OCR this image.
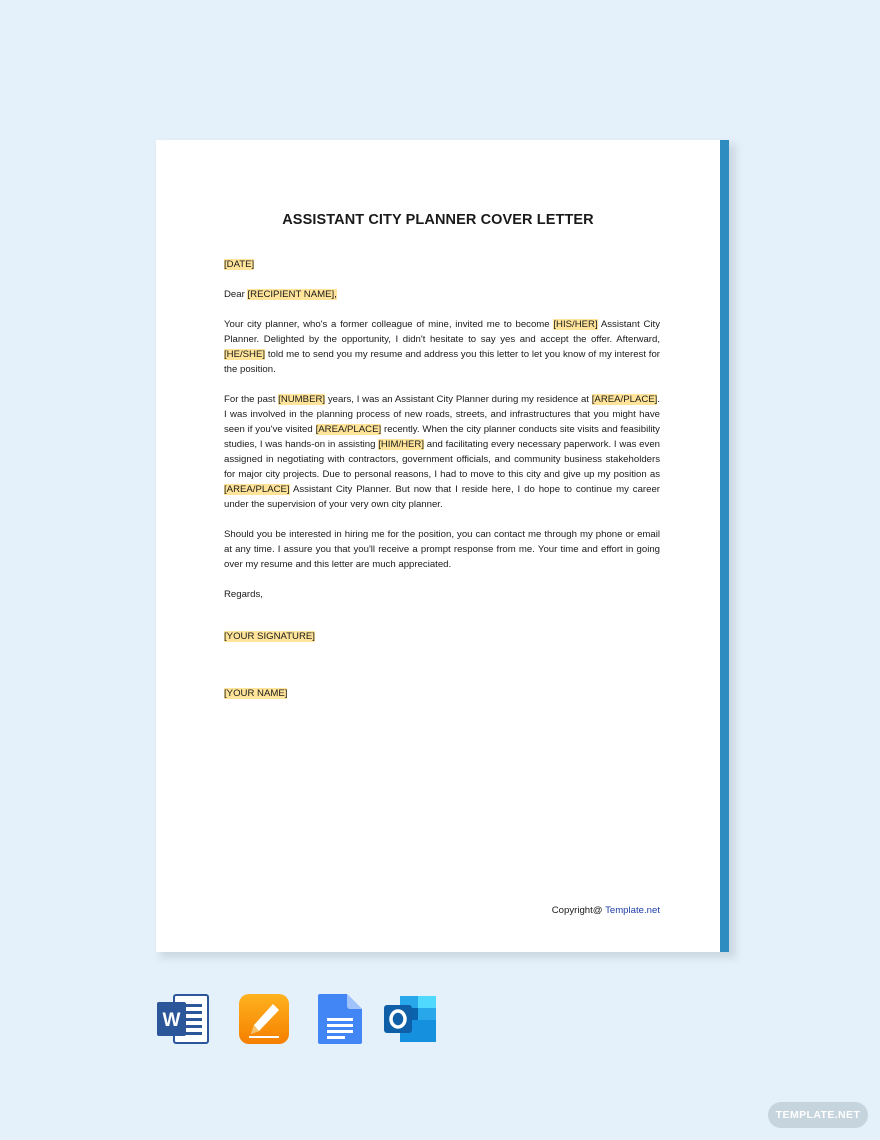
ASSISTANT CITY PLANNER COVER LETTER

[DATE]

Dear [RECIPIENT NAME],

Your city planner, who's a former colleague of mine, invited me to become [HIS/HER] Assistant City Planner. Delighted by the opportunity, I didn't hesitate to say yes and accept the offer. Afterward, [HE/SHE] told me to send you my resume and address you this letter to let you know of my interest for the position.

For the past [NUMBER] years, I was an Assistant City Planner during my residence at [AREA/PLACE]. I was involved in the planning process of new roads, streets, and infrastructures that you might have seen if you've visited [AREA/PLACE] recently. When the city planner conducts site visits and feasibility studies, I was hands-on in assisting [HIM/HER] and facilitating every necessary paperwork. I was even assigned in negotiating with contractors, government officials, and community business stakeholders for major city projects. Due to personal reasons, I had to move to this city and give up my position as [AREA/PLACE] Assistant City Planner. But now that I reside here, I do hope to continue my career under the supervision of your very own city planner.

Should you be interested in hiring me for the position, you can contact me through my phone or email at any time. I assure you that you'll receive a prompt response from me. Your time and effort in going over my resume and this letter are much appreciated.

Regards,

[YOUR SIGNATURE]

[YOUR NAME]

Copyright@ Template.net
W
TEMPLATE.NET
